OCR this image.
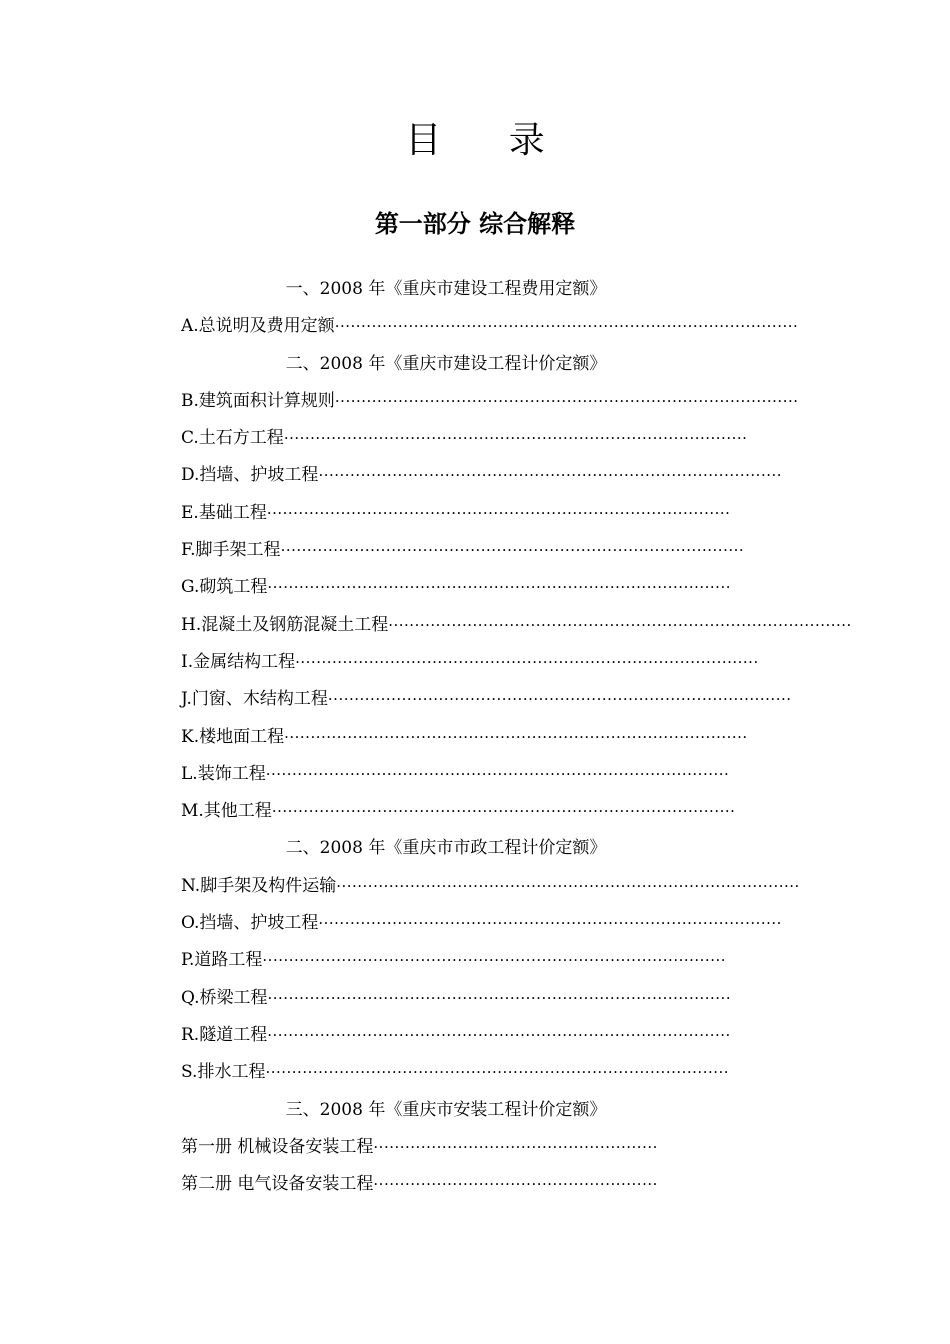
目 录
第一部分 综合解释
一、2008 年《重庆市建设工程费用定额》
A.总说明及费用定额 ························································································
二、2008 年《重庆市建设工程计价定额》
B.建筑面积计算规则 ························································································
C.土石方工程 ························································································
D.挡墙、护坡工程 ························································································
E.基础工程 ························································································
F.脚手架工程 ························································································
G.砌筑工程 ························································································
H.混凝土及钢筋混凝土工程 ························································································
I.金属结构工程 ························································································
J.门窗、木结构工程 ························································································
K.楼地面工程 ························································································
L.装饰工程 ························································································
M.其他工程 ························································································
二、2008 年《重庆市市政工程计价定额》
N.脚手架及构件运输 ························································································
O.挡墙、护坡工程 ························································································
P.道路工程 ························································································
Q.桥梁工程 ························································································
R.隧道工程 ························································································
S.排水工程 ························································································
三、2008 年《重庆市安装工程计价定额》
第一册 机械设备安装工程 ······················································
第二册 电气设备安装工程 ······················································
